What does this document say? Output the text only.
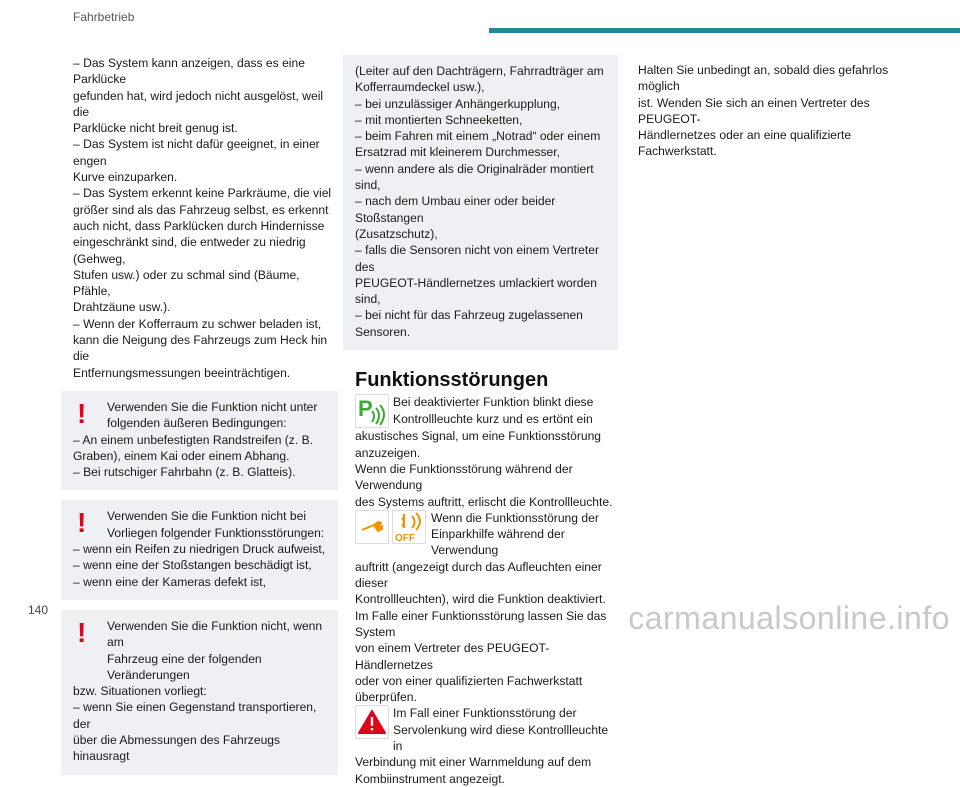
Fahrbetrieb

– Das System kann anzeigen, dass es eine Parklücke

gefunden hat, wird jedoch nicht ausgelöst, weil die

Parklücke nicht breit genug ist.

– Das System ist nicht dafür geeignet, in einer engen

Kurve einzuparken.

– Das System erkennt keine Parkräume, die viel

größer sind als das Fahrzeug selbst, es erkennt

auch nicht, dass Parklücken durch Hindernisse

eingeschränkt sind, die entweder zu niedrig (Gehweg,

Stufen usw.) oder zu schmal sind (Bäume, Pfähle,

Drahtzäune usw.).

– Wenn der Kofferraum zu schwer beladen ist,

kann die Neigung des Fahrzeugs zum Heck hin die

Entfernungsmessungen beeinträchtigen.

!	Verwenden Sie die Funktion nicht unter

folgenden äußeren Bedingungen:

– An einem unbefestigten Randstreifen (z. B.

Graben), einem Kai oder einem Abhang.

– Bei rutschiger Fahrbahn (z. B. Glatteis).

!	Verwenden Sie die Funktion nicht bei

Vorliegen folgender Funktionsstörungen:

– wenn ein Reifen zu niedrigen Druck aufweist,

– wenn eine der Stoßstangen beschädigt ist,

– wenn eine der Kameras defekt ist,

!	Verwenden Sie die Funktion nicht, wenn am

Fahrzeug eine der folgenden Veränderungen

bzw. Situationen vorliegt:

– wenn Sie einen Gegenstand transportieren, der

über die Abmessungen des Fahrzeugs hinausragt

(Leiter auf den Dachträgern, Fahrradträger am

Kofferraumdeckel usw.),

– bei unzulässiger Anhängerkupplung,

– mit montierten Schneeketten,

– beim Fahren mit einem „Notrad“ oder einem

Ersatzrad mit kleinerem Durchmesser,

– wenn andere als die Originalräder montiert sind,

– nach dem Umbau einer oder beider Stoßstangen

(Zusatzschutz),

– falls die Sensoren nicht von einem Vertreter des

PEUGEOT-Händlernetzes umlackiert worden sind,

– bei nicht für das Fahrzeug zugelassenen

Sensoren.

Funktionsstörungen
P	Bei deaktivierter Funktion blinkt diese

Kontrollleuchte kurz und es ertönt ein

akustisches Signal, um eine Funktionsstörung

anzuzeigen.

Wenn die Funktionsstörung während der Verwendung

des Systems auftritt, erlischt die Kontrollleuchte.

OFF

Wenn die Funktionsstörung der

Einparkhilfe während der Verwendung

auftritt (angezeigt durch das Aufleuchten einer dieser

Kontrollleuchten), wird die Funktion deaktiviert.

Im Falle einer Funktionsstörung lassen Sie das System

von einem Vertreter des PEUGEOT-Händlernetzes

oder von einer qualifizierten Fachwerkstatt überprüfen.

Im Fall einer Funktionsstörung der

Servolenkung wird diese Kontrollleuchte in

Verbindung mit einer Warnmeldung auf dem

Kombiinstrument angezeigt.

Halten Sie unbedingt an, sobald dies gefahrlos möglich

ist. Wenden Sie sich an einen Vertreter des PEUGEOT-

Händlernetzes oder an eine qualifizierte Fachwerkstatt.

140	carmanualsonline.info
